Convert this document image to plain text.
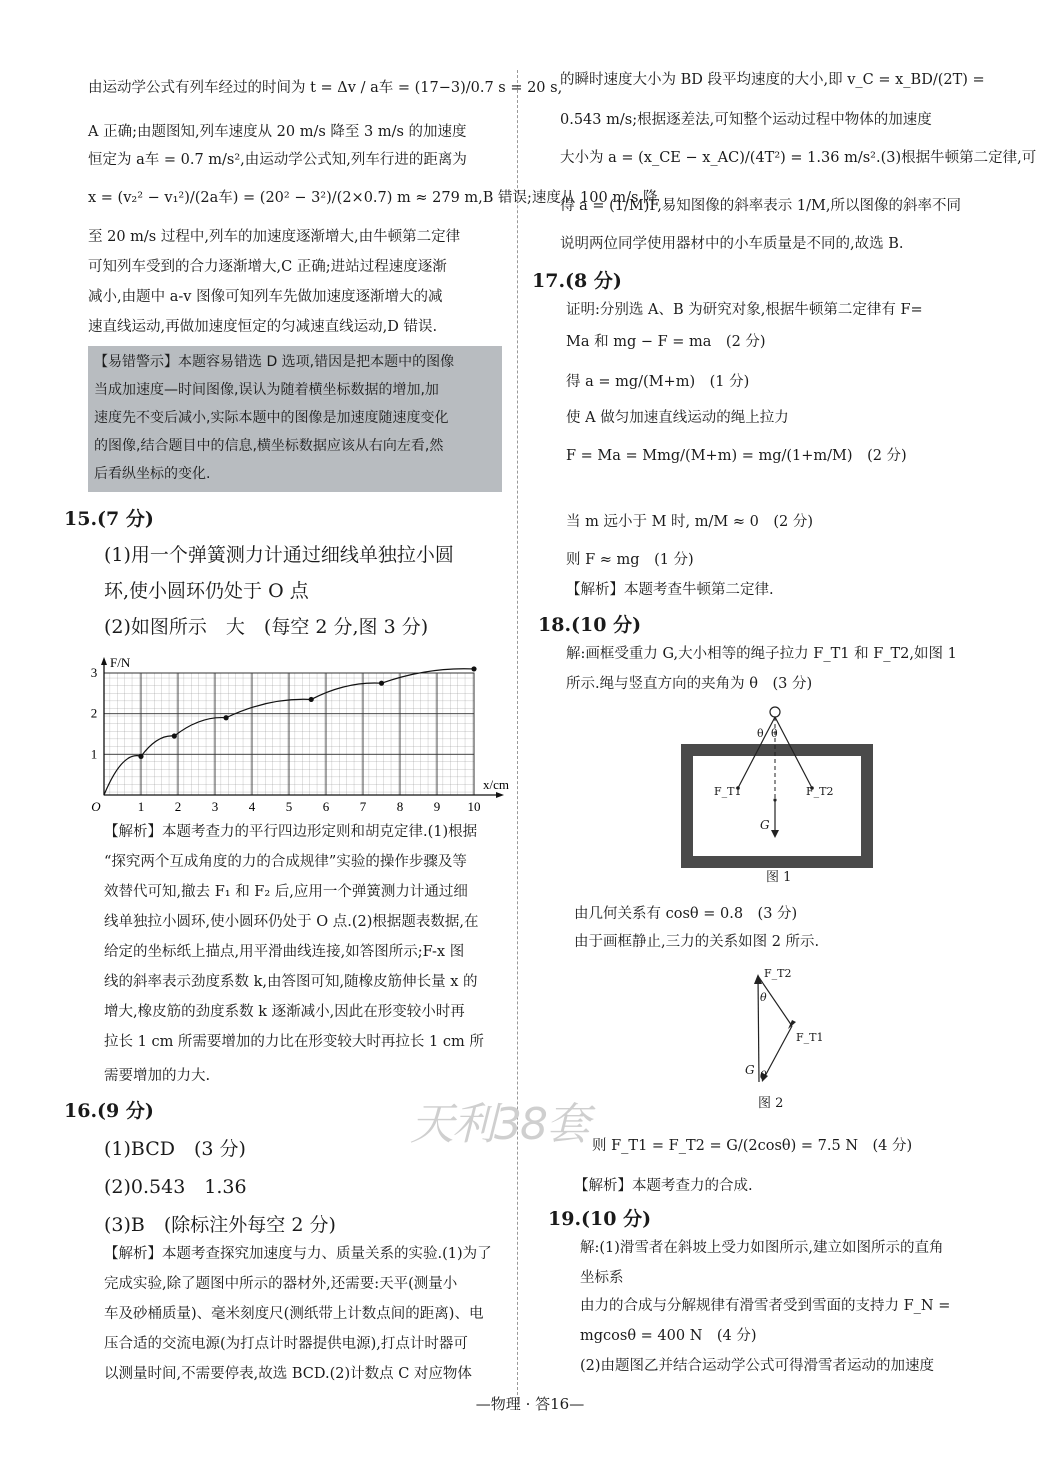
由运动学公式有列车经过的时间为 t = Δv / a车 = (17−3)/0.7 s = 20 s,
A 正确;由题图知,列车速度从 20 m/s 降至 3 m/s 的加速度
恒定为 a车 = 0.7 m/s²,由运动学公式知,列车行进的距离为
x = (v₂² − v₁²)/(2a车) = (20² − 3²)/(2×0.7) m ≈ 279 m,B 错误;速度从 100 m/s 降
至 20 m/s 过程中,列车的加速度逐渐增大,由牛顿第二定律
可知列车受到的合力逐渐增大,C 正确;进站过程速度逐渐
减小,由题中 a-v 图像可知列车先做加速度逐渐增大的减
速直线运动,再做加速度恒定的匀减速直线运动,D 错误.
【易错警示】本题容易错选 D 选项,错因是把本题中的图像
当成加速度—时间图像,误认为随着横坐标数据的增加,加
速度先不变后减小,实际本题中的图像是加速度随速度变化
的图像,结合题目中的信息,横坐标数据应该从右向左看,然
后看纵坐标的变化.
15.(7 分)
(1)用一个弹簧测力计通过细线单独拉小圆
环,使小圆环仍处于 O 点
(2)如图所示　大　(每空 2 分,图 3 分)
1 2 3 4 5 6 7 8 9 10
1
2
3
O
x/cm
F/N
【解析】本题考查力的平行四边形定则和胡克定律.(1)根据
“探究两个互成角度的力的合成规律”实验的操作步骤及等
效替代可知,撤去 F₁ 和 F₂ 后,应用一个弹簧测力计通过细
线单独拉小圆环,使小圆环仍处于 O 点.(2)根据题表数据,在
给定的坐标纸上描点,用平滑曲线连接,如答图所示;F-x 图
线的斜率表示劲度系数 k,由答图可知,随橡皮筋伸长量 x 的
增大,橡皮筋的劲度系数 k 逐渐减小,因此在形变较小时再
拉长 1 cm 所需要增加的力比在形变较大时再拉长 1 cm 所
需要增加的力大.
16.(9 分)
(1)BCD　(3 分)
(2)0.543　1.36
(3)B　(除标注外每空 2 分)
【解析】本题考查探究加速度与力、质量关系的实验.(1)为了
完成实验,除了题图中所示的器材外,还需要:天平(测量小
车及砂桶质量)、毫米刻度尺(测纸带上计数点间的距离)、电
压合适的交流电源(为打点计时器提供电源),打点计时器可
以测量时间,不需要停表,故选 BCD.(2)计数点 C 对应物体
的瞬时速度大小为 BD 段平均速度的大小,即 v_C = x_BD/(2T) =
0.543 m/s;根据逐差法,可知整个运动过程中物体的加速度
大小为 a = (x_CE − x_AC)/(4T²) = 1.36 m/s².(3)根据牛顿第二定律,可
得 a = (1/M)F,易知图像的斜率表示 1/M,所以图像的斜率不同
说明两位同学使用器材中的小车质量是不同的,故选 B.
17.(8 分)
证明:分别选 A、B 为研究对象,根据牛顿第二定律有 F=
Ma 和 mg − F = ma　(2 分)
得 a = mg/(M+m)　(1 分)
使 A 做匀加速直线运动的绳上拉力
F = Ma = Mmg/(M+m) = mg/(1+m/M)　(2 分)
当 m 远小于 M 时, m/M ≈ 0　(2 分)
则 F ≈ mg　(1 分)
【解析】本题考查牛顿第二定律.
18.(10 分)
解:画框受重力 G,大小相等的绳子拉力 F_T1 和 F_T2,如图 1
所示.绳与竖直方向的夹角为 θ　(3 分)
θ θ
F_T1	F_T2
G
图 1
由几何关系有 cosθ = 0.8　(3 分)
由于画框静止,三力的关系如图 2 所示.
F_T2
θ
F_T1
G θ
图 2
则 F_T1 = F_T2 = G/(2cosθ) = 7.5 N　(4 分)
【解析】本题考查力的合成.
19.(10 分)
解:(1)滑雪者在斜坡上受力如图所示,建立如图所示的直角
坐标系
由力的合成与分解规律有滑雪者受到雪面的支持力 F_N =
mgcosθ = 400 N　(4 分)
(2)由题图乙并结合运动学公式可得滑雪者运动的加速度
天利38套
—物理 · 答16—
